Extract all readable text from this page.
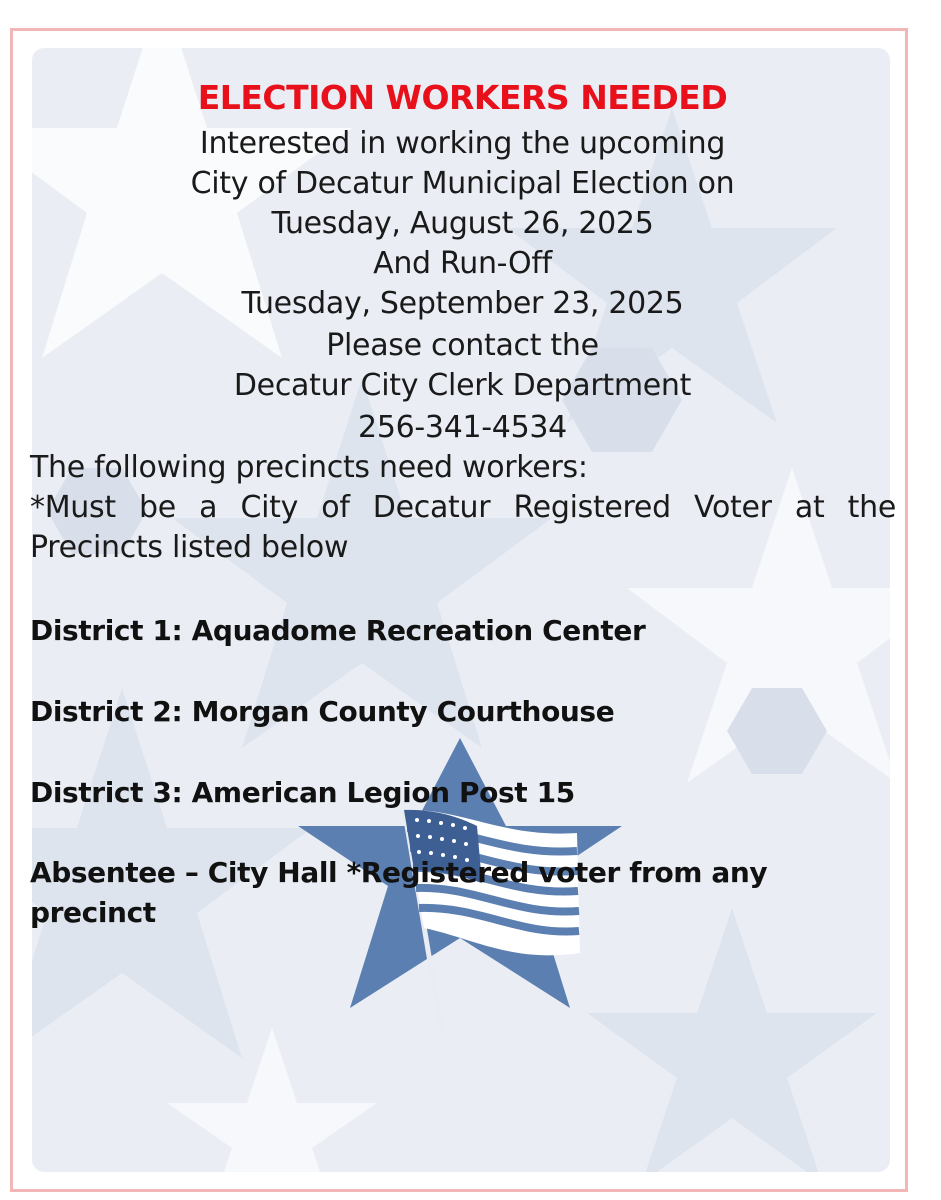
ELECTION WORKERS NEEDED
Interested in working the upcoming
City of Decatur Municipal Election on
Tuesday, August 26, 2025
And Run-Off
Tuesday, September 23, 2025
Please contact the
Decatur City Clerk Department
256-341-4534
The following precincts need workers:
*Must be a City of Decatur Registered Voter at the
Precincts listed below
District 1: Aquadome Recreation Center
District 2: Morgan County Courthouse
District 3: American Legion Post 15
Absentee – City Hall *Registered voter from any
precinct
